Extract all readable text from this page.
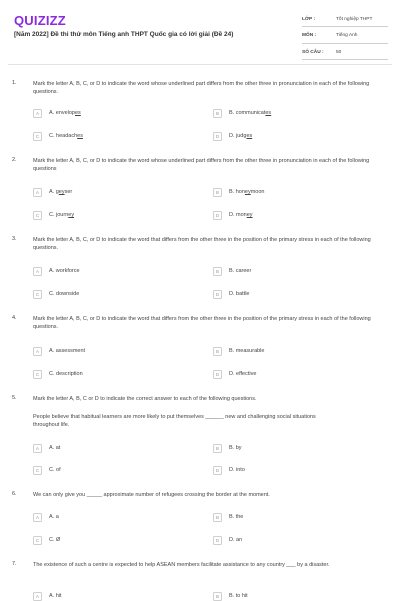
QUIZIZZ
[Năm 2022] Đề thi thử môn Tiếng anh THPT Quốc gia có lời giải (Đề 24)
LỚP :	Tốt nghiệp THPT
MÔN :	Tiếng Anh
SỐ CÂU :	50
1.	Mark the letter A, B, C, or D to indicate the word whose underlined part differs from the other three in pronunciation in each of the following questions.
2.	Mark the letter A, B, C, or D to indicate the word whose underlined part differs from the other three in pronunciation in each of the following questions
3.	Mark the letter A, B, C, or D to indicate the word that differs from the other three in the position of the primary stress in each of the following questions.
4.	Mark the letter A, B, C, or D to indicate the word that differs from the other three in the position of the primary stress in each of the following questions.
5.	Mark the letter A, B, C or D to indicate the correct answer to each of the following questions.
People believe that habitual learners are more likely to put themselves ______ new and challenging social situations throughout life.
6.	We can only give you _____ approximate number of refugees crossing the border at the moment.
7.	The existence of such a centre is expected to help ASEAN members facilitate assistance to any country ___ by a disaster.
A	A. envelopes	B	B. communicates
C	C. headaches	D	D. judges
A	A. geyser	B	B. honeymoon
C	C. journey	D	D. money
A	A. workforce	B	B. career
C	C. downside	D	D. battle
A	A. assessment	B	B. measurable
C	C. description	D	D. effective
A	A. at	B	B. by
C	C. of	D	D. into
A	A. a	B	B. the
C	C. Ø	D	D. an
A	A. hit	B	B. to hit
